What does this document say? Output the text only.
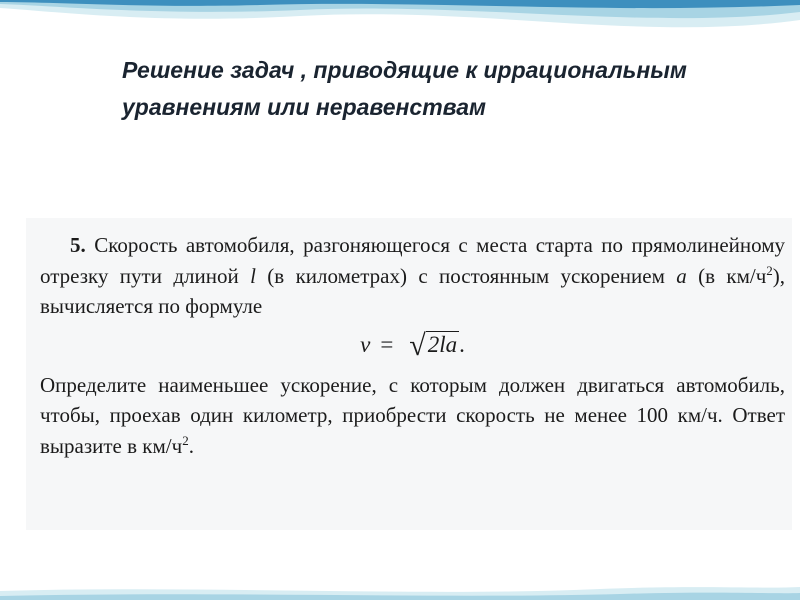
Решение задач , приводящие к иррациональным уравнениям или неравенствам

5. Скорость автомобиля, разгоняющегося с места старта по прямолинейному отрезку пути длиной l (в километрах) с постоянным ускорением a (в $км/ч^2$), вычисляется по формуле

v = √2la .

Определите наименьшее ускорение, с которым должен двигаться автомобиль, чтобы, проехав один километр, приобрести скорость не менее 100 км/ч. Ответ выразите в $км/ч^2$.
